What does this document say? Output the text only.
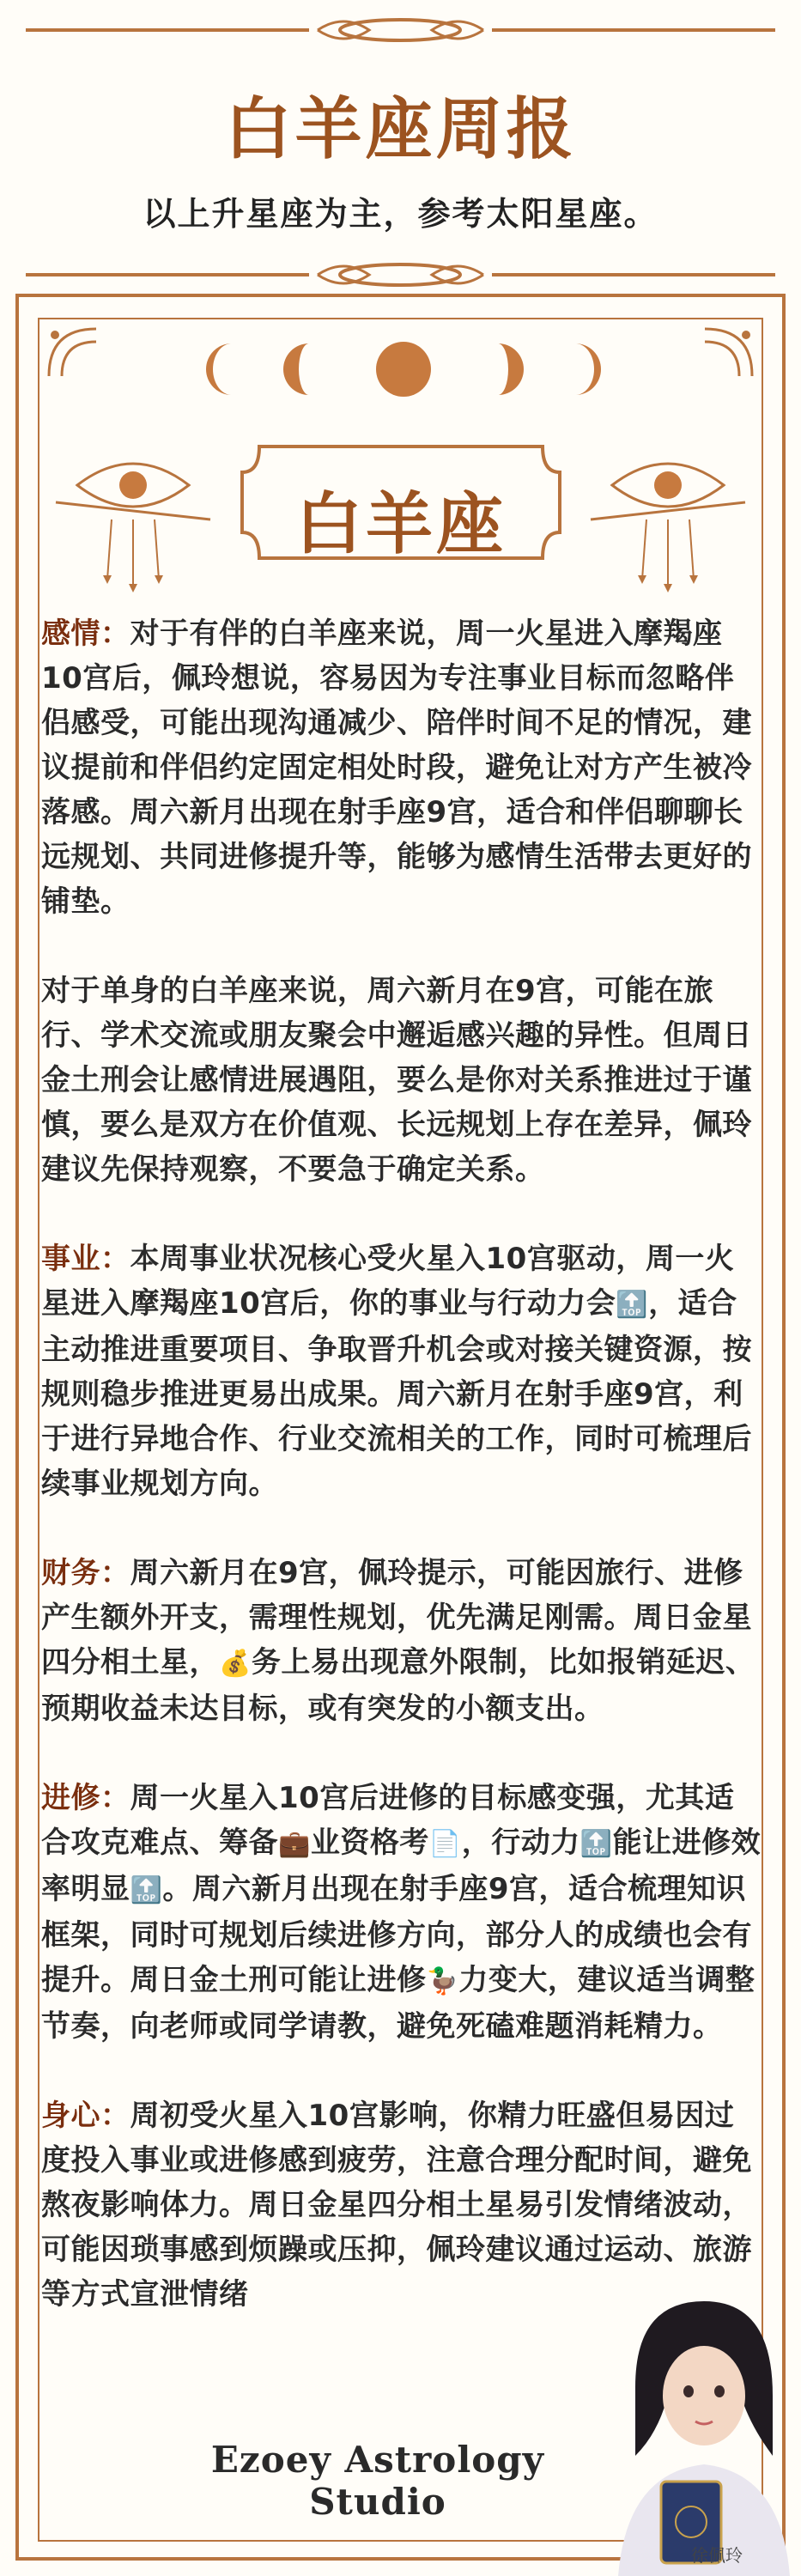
白羊座周报
以上升星座为主，参考太阳星座。
白羊座

感情：对于有伴的白羊座来说，周一火星进入摩羯座10宫后，佩玲想说，容易因为专注事业目标而忽略伴侣感受，可能出现沟通减少、陪伴时间不足的情况，建议提前和伴侣约定固定相处时段，避免让对方产生被冷落感。周六新月出现在射手座9宫，适合和伴侣聊聊长远规划、共同进修提升等，能够为感情生活带去更好的铺垫。

对于单身的白羊座来说，周六新月在9宫，可能在旅行、学术交流或朋友聚会中邂逅感兴趣的异性。但周日金土刑会让感情进展遇阻，要么是你对关系推进过于谨慎，要么是双方在价值观、长远规划上存在差异，佩玲建议先保持观察，不要急于确定关系。

事业：本周事业状况核心受火星入10宫驱动，周一火星进入摩羯座10宫后，你的事业与行动力会🔝，适合主动推进重要项目、争取晋升机会或对接关键资源，按规则稳步推进更易出成果。周六新月在射手座9宫，利于进行异地合作、行业交流相关的工作，同时可梳理后续事业规划方向。

财务：周六新月在9宫，佩玲提示，可能因旅行、进修产生额外开支，需理性规划，优先满足刚需。周日金星四分相土星，💰务上易出现意外限制，比如报销延迟、预期收益未达目标，或有突发的小额支出。

进修：周一火星入10宫后进修的目标感变强，尤其适合攻克难点、筹备💼业资格考📄，行动力🔝能让进修效率明显🔝。周六新月出现在射手座9宫，适合梳理知识框架，同时可规划后续进修方向，部分人的成绩也会有提升。周日金土刑可能让进修🦆力变大，建议适当调整节奏，向老师或同学请教，避免死磕难题消耗精力。

身心：周初受火星入10宫影响，你精力旺盛但易因过度投入事业或进修感到疲劳，注意合理分配时间，避免熬夜影响体力。周日金星四分相土星易引发情绪波动，可能因琐事感到烦躁或压抑，佩玲建议通过运动、旅游等方式宣泄情绪

Ezoey Astrology Studio
徐佩玲
